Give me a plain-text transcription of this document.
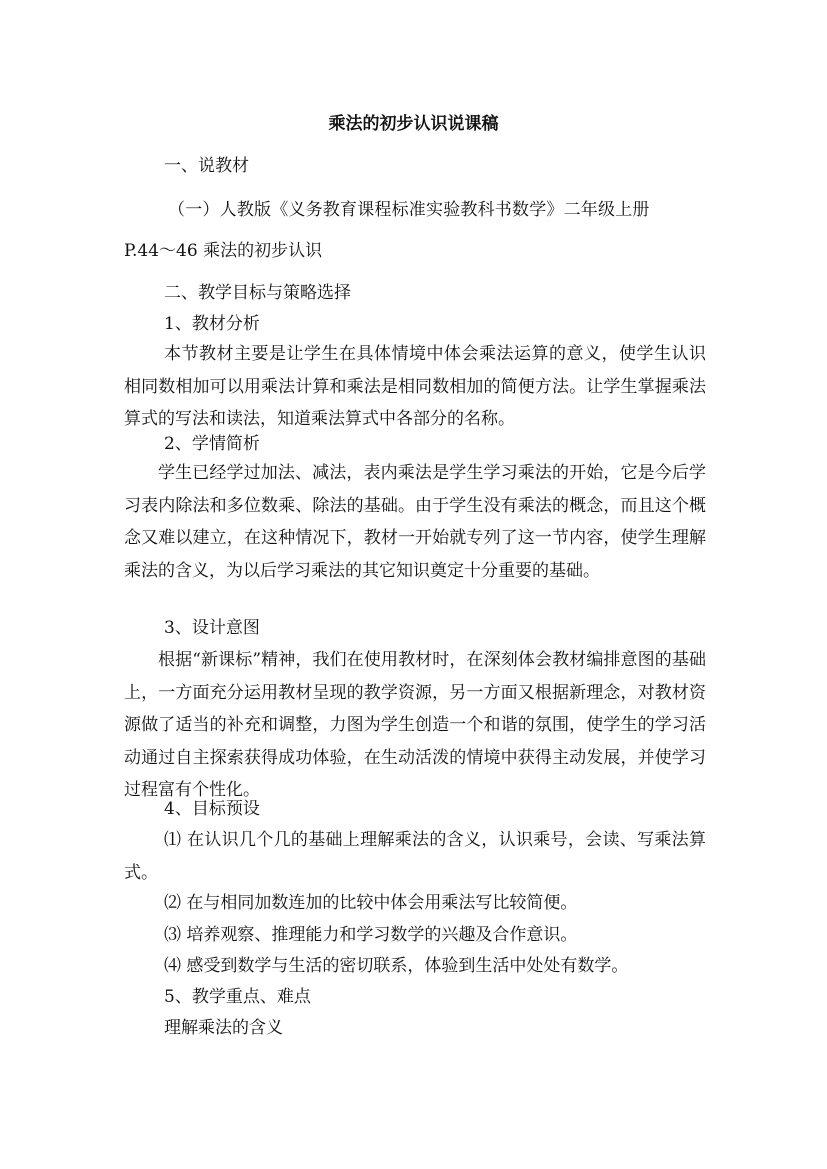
乘法的初步认识说课稿
一、说教材
（一）人教版《义务教育课程标准实验教科书数学》二年级上册
P.44～46 乘法的初步认识
二、教学目标与策略选择
1、教材分析

本节教材主要是让学生在具体情境中体会乘法运算的意义，使学生认识相同数相加可以用乘法计算和乘法是相同数相加的简便方法。让学生掌握乘法算式的写法和读法，知道乘法算式中各部分的名称。

2、学情简析

学生已经学过加法、减法，表内乘法是学生学习乘法的开始，它是今后学习表内除法和多位数乘、除法的基础。由于学生没有乘法的概念，而且这个概念又难以建立，在这种情况下，教材一开始就专列了这一节内容，使学生理解乘法的含义，为以后学习乘法的其它知识奠定十分重要的基础。

3、设计意图

根据“新课标”精神，我们在使用教材时，在深刻体会教材编排意图的基础上，一方面充分运用教材呈现的教学资源，另一方面又根据新理念，对教材资源做了适当的补充和调整，力图为学生创造一个和谐的氛围，使学生的学习活动通过自主探索获得成功体验，在生动活泼的情境中获得主动发展，并使学习过程富有个性化。

4、目标预设

⑴ 在认识几个几的基础上理解乘法的含义，认识乘号，会读、写乘法算式。

⑵ 在与相同加数连加的比较中体会用乘法写比较简便。
⑶ 培养观察、推理能力和学习数学的兴趣及合作意识。
⑷ 感受到数学与生活的密切联系，体验到生活中处处有数学。
5、教学重点、难点
理解乘法的含义
